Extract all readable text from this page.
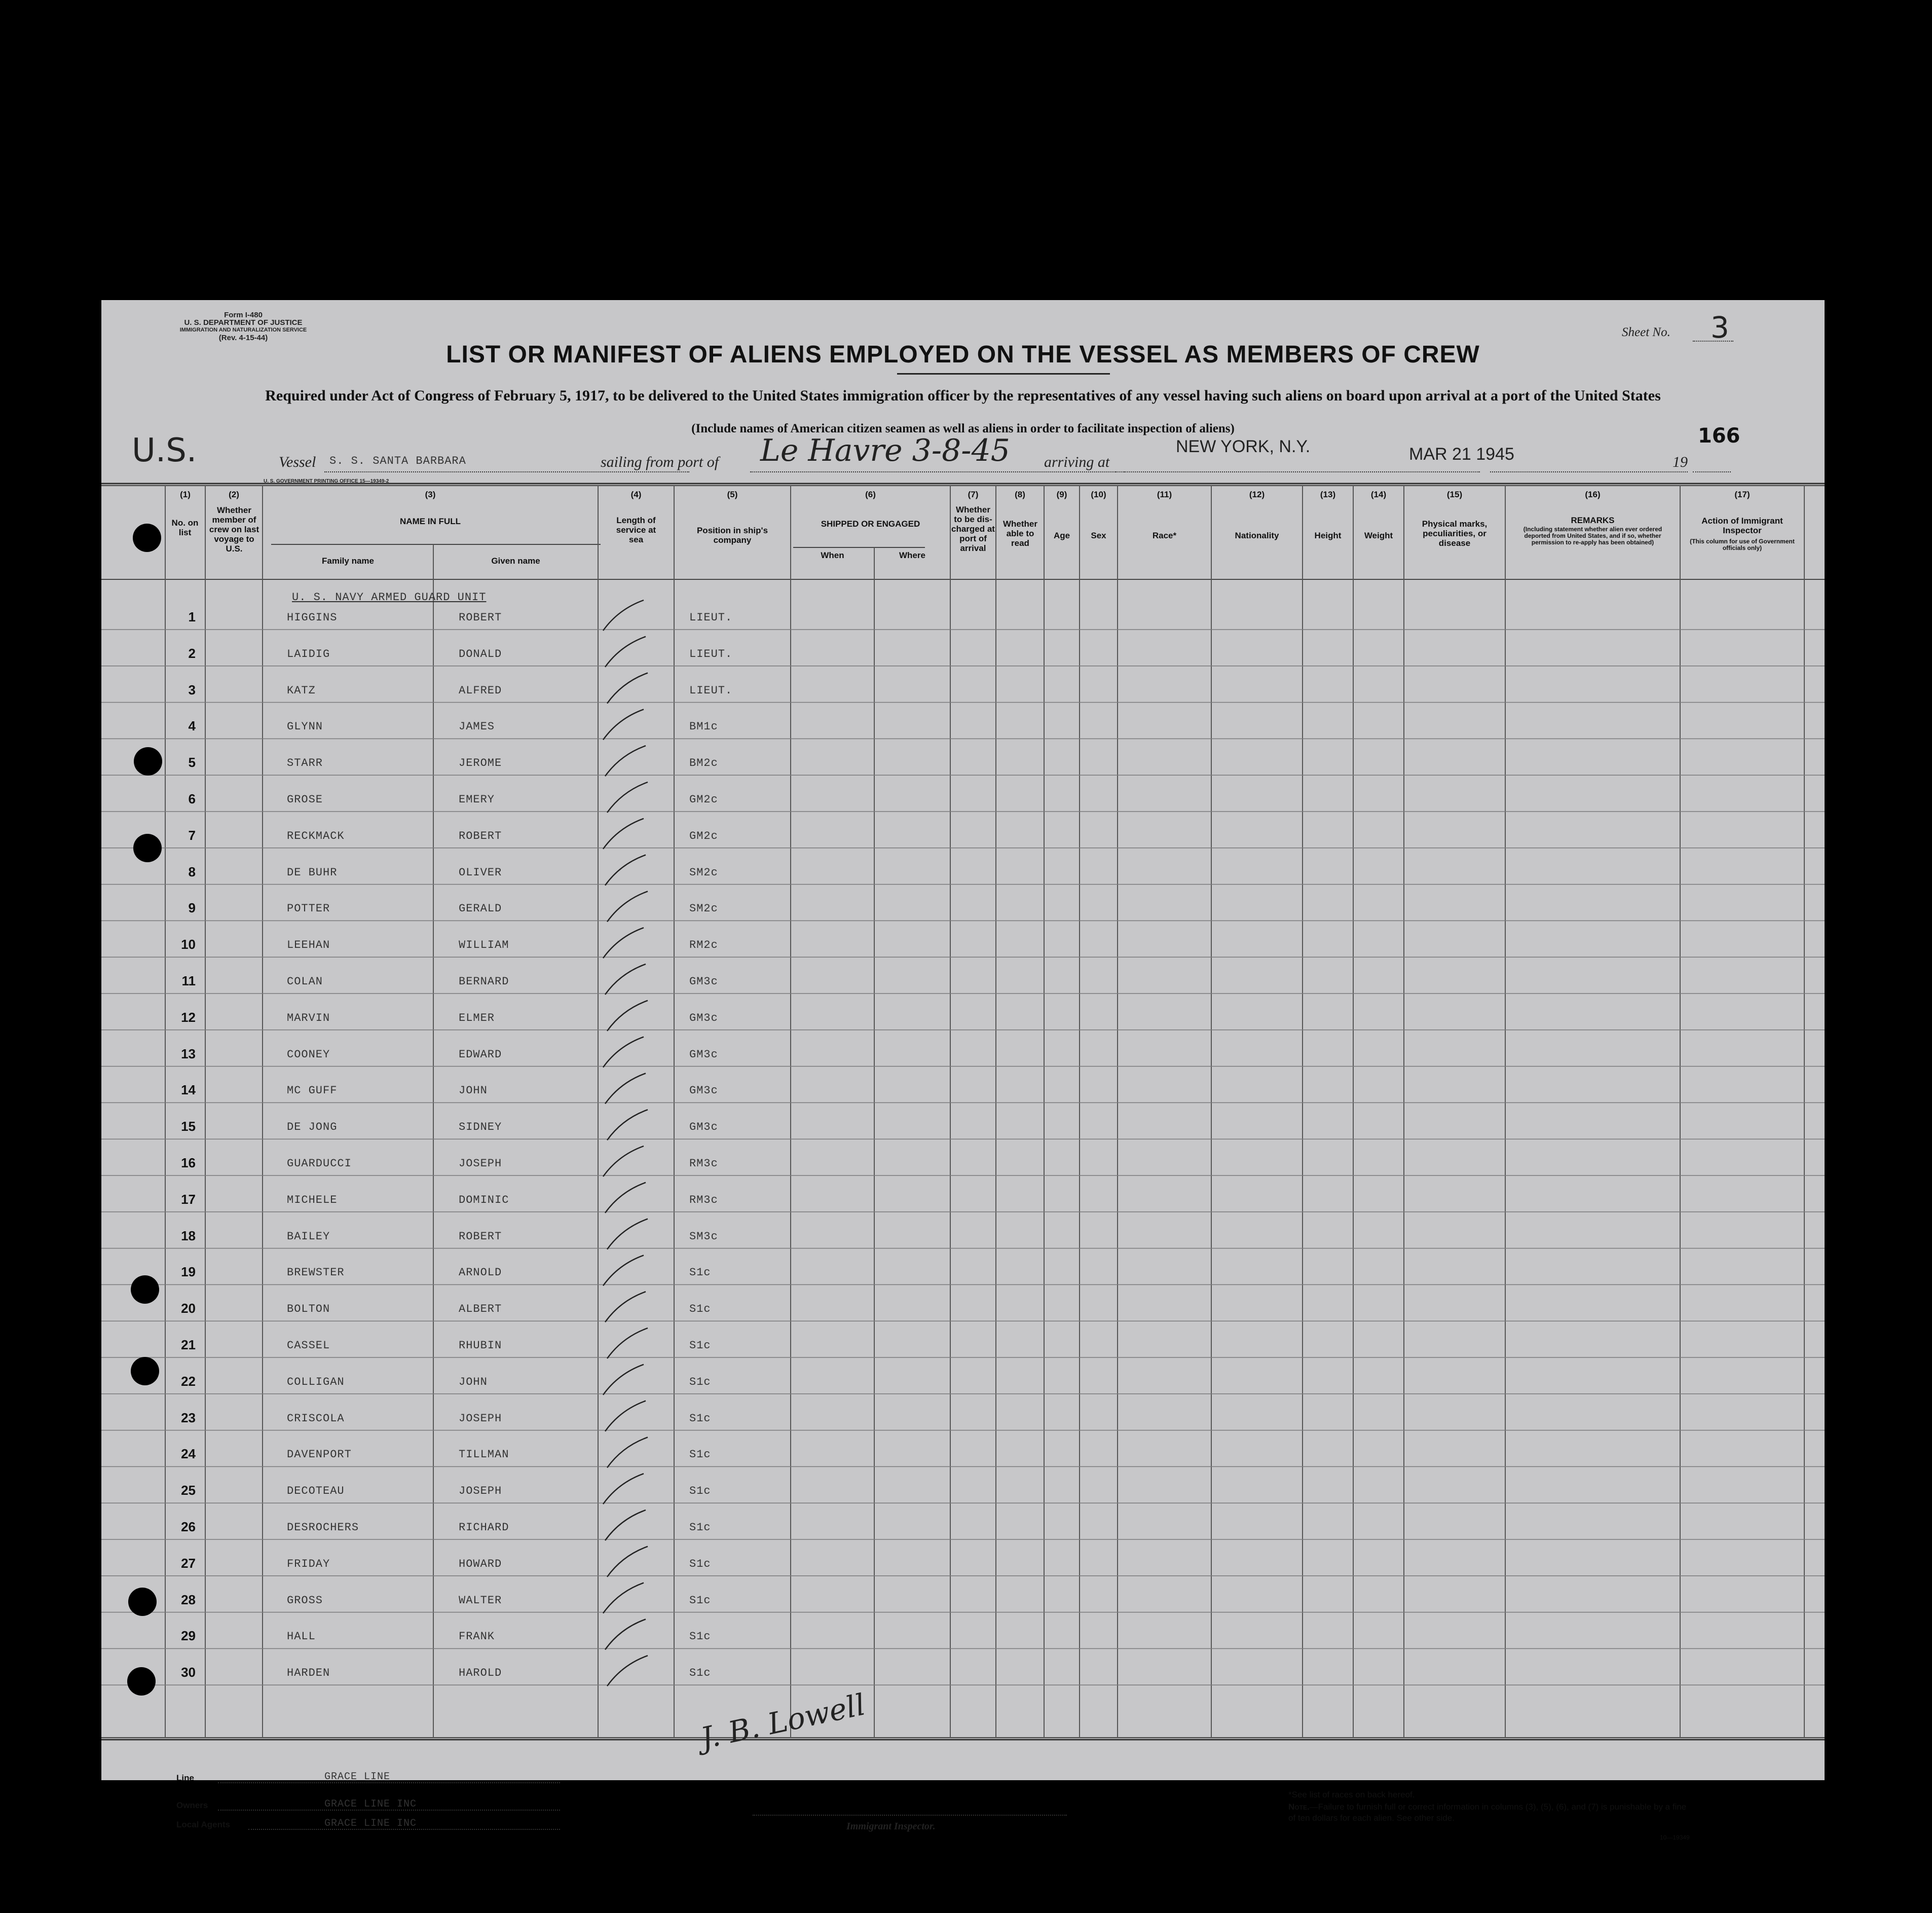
Form I-480
U. S. DEPARTMENT OF JUSTICE
IMMIGRATION AND NATURALIZATION SERVICE
(Rev. 4-15-44)
LIST OR MANIFEST OF ALIENS EMPLOYED ON THE VESSEL AS MEMBERS OF CREW
Sheet No. 3
Required under Act of Congress of February 5, 1917, to be delivered to the United States immigration officer by the representatives of any vessel having such aliens on board upon arrival at a port of the United States
(Include names of American citizen seamen as well as aliens in order to facilitate inspection of aliens)	166
U.S.	Vessel S. S. SANTA BARBARA	sailing from port of Le Havre 3-8-45 arriving at
NEW YORK, N.Y.	MAR 21 1945	19
U. S. GOVERNMENT PRINTING OFFICE 15—19349-2
(1)
No. on list
(2)
Whether member of crew on last voyage to U.S.
(3)
NAME IN FULL
Family name	Given name
(4)
Length of service at sea
(5)
Position in ship's company
(6)
SHIPPED OR ENGAGED
When	Where
(7)
Whether to be dis-charged at port of arrival
(8)
Whether able to read
(9)
Age
(10)
Sex
(11)
Race*
(12)
Nationality
(13)
Height
(14)
Weight
(15)
Physical marks, peculiarities, or disease
(16)
REMARKS
(Including statement whether alien ever ordered deported from United States, and if so, whether permission to re-apply has been obtained)
(17)
Action of Immigrant Inspector
(This column for use of Government officials only)
U. S. NAVY ARMED GUARD UNIT
1	HIGGINS	ROBERT	LIEUT.
2	LAIDIG	DONALD	LIEUT.
3	KATZ	ALFRED	LIEUT.
4	GLYNN	JAMES	BM1c
5	STARR	JEROME	BM2c
6	GROSE	EMERY	GM2c
7	RECKMACK	ROBERT	GM2c
8	DE BUHR	OLIVER	SM2c
9	POTTER	GERALD	SM2c
10	LEEHAN	WILLIAM	RM2c
11	COLAN	BERNARD	GM3c
12	MARVIN	ELMER	GM3c
13	COONEY	EDWARD	GM3c
14	MC GUFF	JOHN	GM3c
15	DE JONG	SIDNEY	GM3c
16	GUARDUCCI	JOSEPH	RM3c
17	MICHELE	DOMINIC	RM3c
18	BAILEY	ROBERT	SM3c
19	BREWSTER	ARNOLD	S1c
20	BOLTON	ALBERT	S1c
21	CASSEL	RHUBIN	S1c
22	COLLIGAN	JOHN	S1c
23	CRISCOLA	JOSEPH	S1c
24	DAVENPORT	TILLMAN	S1c
25	DECOTEAU	JOSEPH	S1c
26	DESROCHERS	RICHARD	S1c
27	FRIDAY	HOWARD	S1c
28	GROSS	WALTER	S1c
29	HALL	FRANK	S1c
30	HARDEN	HAROLD	S1c
J. B. Lowell
Line	GRACE LINE
Owners	GRACE LINE INC
Local Agents	GRACE LINE INC	Immigrant Inspector.
*See list of races on back hereof.
Note.—Failure to furnish full or correct information in columns (3), (5), (6), and (7) is punishable by a fine of ten dollars for each alien. See other side.
10—19349
